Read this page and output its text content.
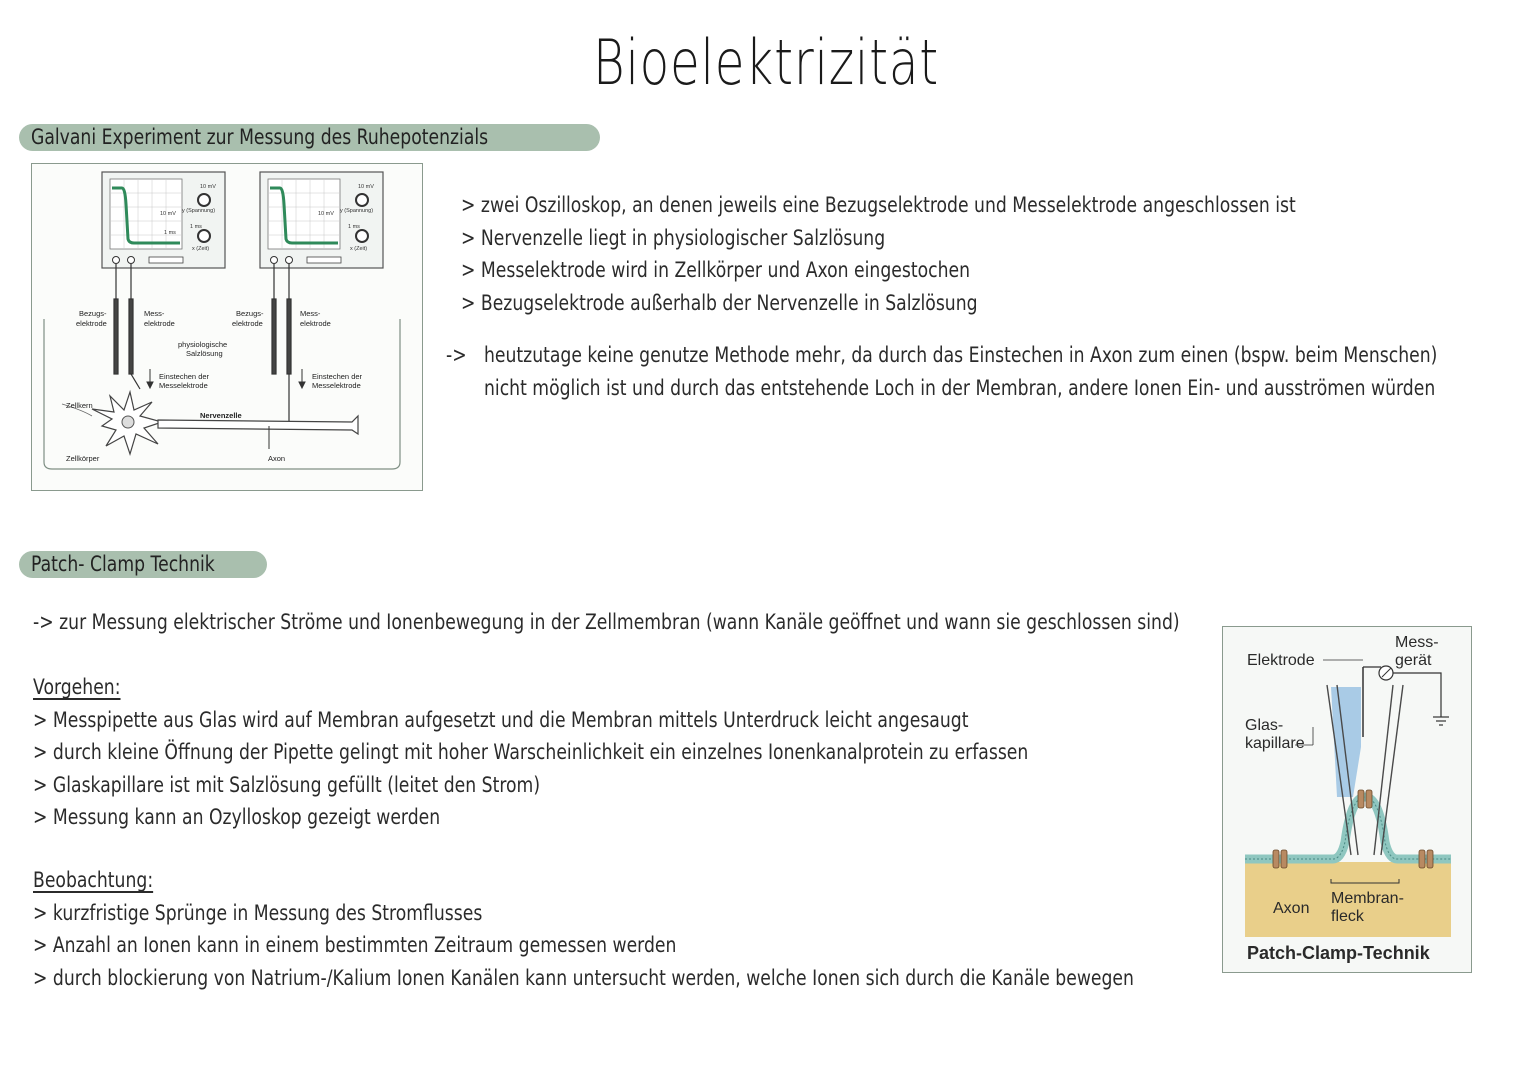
Bioelektrizität
Galvani Experiment zur Messung des Ruhepotenzials
10 mV
y (Spannung)
10 mV
1 ms
x (Zeit)
1 ms
10 mV
y (Spannung)
10 mV
1 ms
x (Zeit)
Bezugs-
elektrode
Mess-
elektrode
Bezugs-
elektrode
Mess-
elektrode
physiologische
Salzlösung
Einstechen der
Messelektrode
Einstechen der
Messelektrode
Zellkern
Nervenzelle
Zellkörper	Axon
> zwei Oszilloskop, an denen jeweils eine Bezugselektrode und Messelektrode angeschlossen ist
> Nervenzelle liegt in physiologischer Salzlösung
> Messelektrode wird in Zellkörper und Axon eingestochen
> Bezugselektrode außerhalb der Nervenzelle in Salzlösung
-> heutzutage keine genutze Methode mehr, da durch das Einstechen in Axon zum einen (bspw. beim Menschen)
nicht möglich ist und durch das entstehende Loch in der Membran, andere Ionen Ein- und ausströmen würden
Patch- Clamp Technik
-> zur Messung elektrischer Ströme und Ionenbewegung in der Zellmembran (wann Kanäle geöffnet und wann sie geschlossen sind)
Vorgehen:
> Messpipette aus Glas wird auf Membran aufgesetzt und die Membran mittels Unterdruck leicht angesaugt
> durch kleine Öffnung der Pipette gelingt mit hoher Warscheinlichkeit ein einzelnes Ionenkanalprotein zu erfassen
> Glaskapillare ist mit Salzlösung gefüllt (leitet den Strom)
> Messung kann an Ozylloskop gezeigt werden
Beobachtung:
> kurzfristige Sprünge in Messung des Stromflusses
> Anzahl an Ionen kann in einem bestimmten Zeitraum gemessen werden
> durch blockierung von Natrium-/Kalium Ionen Kanälen kann untersucht werden, welche Ionen sich durch die Kanäle bewegen
Elektrode
Mess-
gerät
Glas-
kapillare
Axon
Membran-
fleck
Patch-Clamp-Technik
